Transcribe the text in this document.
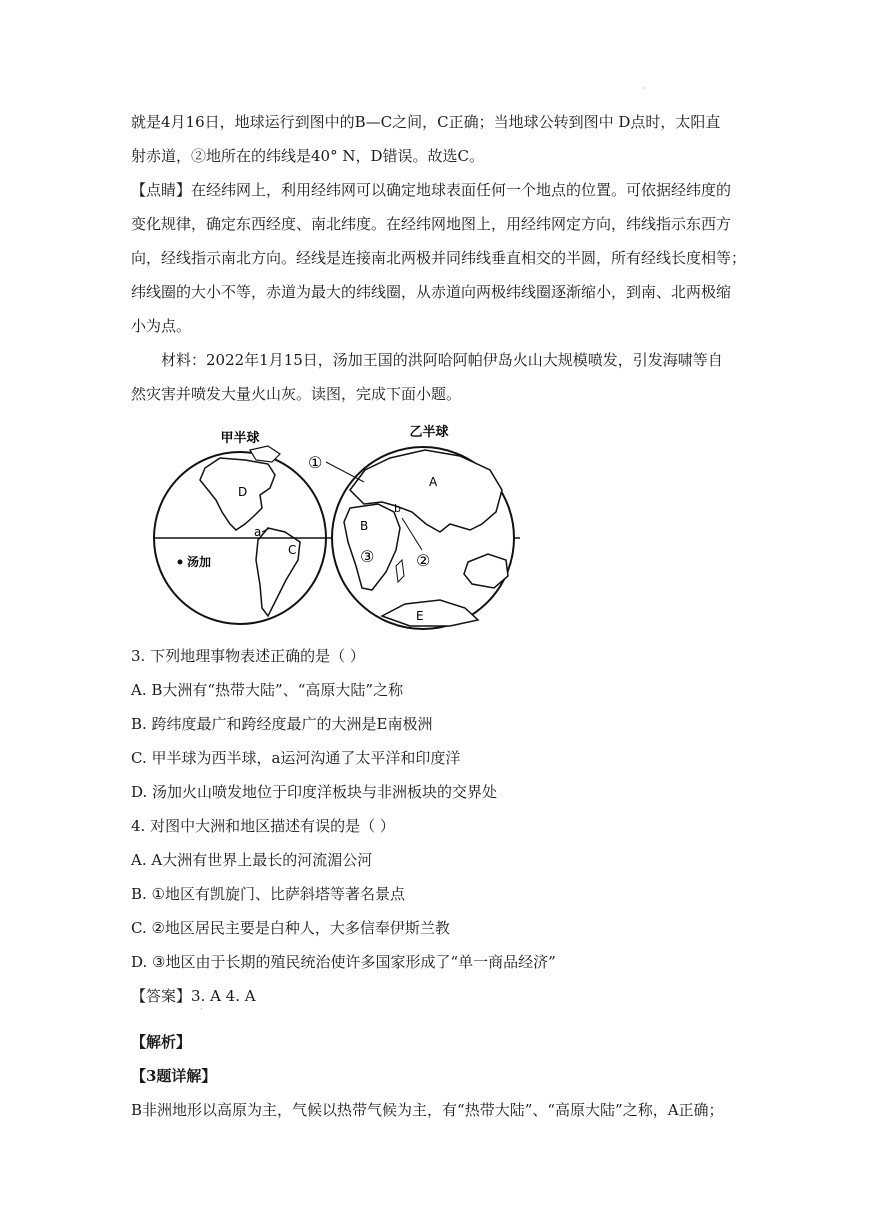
·
就是4月16日，地球运行到图中的B—C之间，C正确；当地球公转到图中 D点时，太阳直
射赤道，②地所在的纬线是40° N，D错误。故选C。
【点睛】在经纬网上，利用经纬网可以确定地球表面任何一个地点的位置。可依据经纬度的
变化规律，确定东西经度、南北纬度。在经纬网地图上，用经纬网定方向，纬线指示东西方
向，经线指示南北方向。经线是连接南北两极并同纬线垂直相交的半圆，所有经线长度相等；
纬线圈的大小不等，赤道为最大的纬线圈，从赤道向两极纬线圈逐渐缩小，到南、北两极缩
小为点。
材料：2022年1月15日，汤加王国的洪阿哈阿帕伊岛火山大规模喷发，引发海啸等自
然灾害并喷发大量火山灰。读图，完成下面小题。
甲半球	乙半球
D
C
a
汤加
A
B
b
E
①
②
③
3. 下列地理事物表述正确的是（ ）
A. B大洲有“热带大陆”、“高原大陆”之称
B. 跨纬度最广和跨经度最广的大洲是E南极洲
C. 甲半球为西半球，a运河沟通了太平洋和印度洋
D. 汤加火山喷发地位于印度洋板块与非洲板块的交界处
4. 对图中大洲和地区描述有误的是（ ）
A. A大洲有世界上最长的河流湄公河
B. ①地区有凯旋门、比萨斜塔等著名景点
C. ②地区居民主要是白种人，大多信奉伊斯兰教
D. ③地区由于长期的殖民统治使许多国家形成了“单一商品经济”
【答案】3. A 4. A
·
【解析】
【3题详解】
B非洲地形以高原为主，气候以热带气候为主，有“热带大陆”、“高原大陆”之称，A正确；
